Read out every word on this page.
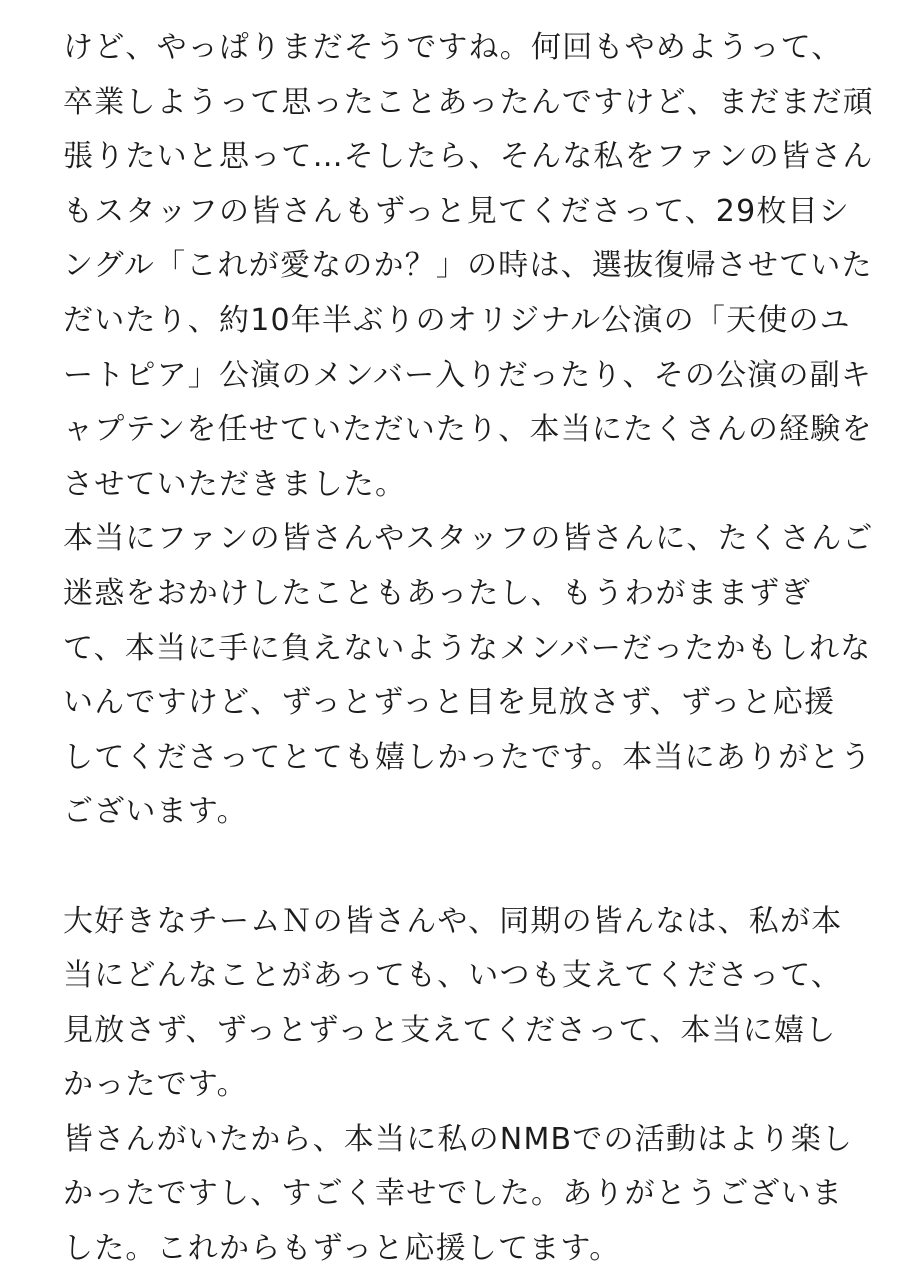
けど、やっぱりまだそうですね。何回もやめようって、
卒業しようって思ったことあったんですけど、まだまだ頑
張りたいと思って…そしたら、そんな私をファンの皆さん
もスタッフの皆さんもずっと見てくださって、29枚目シ
ングル「これが愛なのか？」の時は、選抜復帰させていた
だいたり、約10年半ぶりのオリジナル公演の「天使のユ
ートピア」公演のメンバー入りだったり、その公演の副キ
ャプテンを任せていただいたり、本当にたくさんの経験を
させていただきました。
本当にファンの皆さんやスタッフの皆さんに、たくさんご
迷惑をおかけしたこともあったし、もうわがままずぎ
て、本当に手に負えないようなメンバーだったかもしれな
いんですけど、ずっとずっと目を見放さず、ずっと応援
してくださってとても嬉しかったです。本当にありがとう
ございます。
大好きなチームＮの皆さんや、同期の皆んなは、私が本
当にどんなことがあっても、いつも支えてくださって、
見放さず、ずっとずっと支えてくださって、本当に嬉し
かったです。
皆さんがいたから、本当に私のNMBでの活動はより楽し
かったですし、すごく幸せでした。ありがとうございま
した。これからもずっと応援してます。
